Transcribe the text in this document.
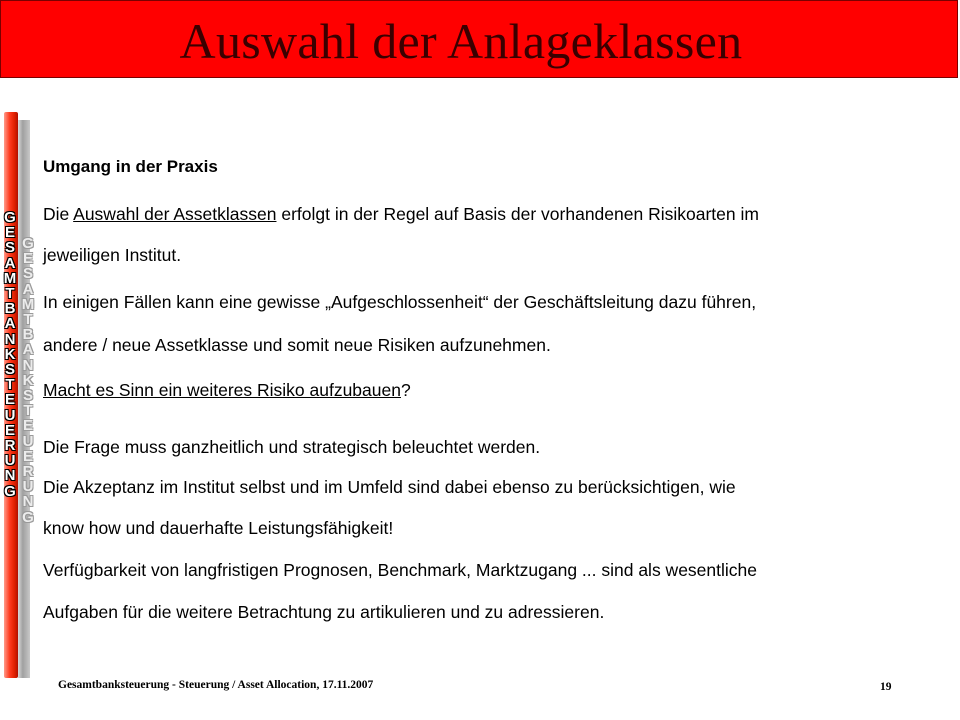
Auswahl der Anlageklassen
G
E
S
A
M
T
B
A
N
K
S
T
E
U
E
R
U
N
G
G
E
S
A
M
T
B
A
N
K
S
T
E
U
E
R
U
N
G
Umgang in der Praxis
Die Auswahl der Assetklassen erfolgt in der Regel auf Basis der vorhandenen Risikoarten im
jeweiligen Institut.
In einigen Fällen kann eine gewisse „Aufgeschlossenheit“ der Geschäftsleitung dazu führen,
andere / neue Assetklasse und somit neue Risiken aufzunehmen.
Macht es Sinn ein weiteres Risiko aufzubauen?
Die Frage muss ganzheitlich und strategisch beleuchtet werden.
Die Akzeptanz im Institut selbst und im Umfeld sind dabei ebenso zu berücksichtigen, wie
know how und dauerhafte Leistungsfähigkeit!
Verfügbarkeit von langfristigen Prognosen, Benchmark, Marktzugang ... sind als wesentliche
Aufgaben für die weitere Betrachtung zu artikulieren und zu adressieren.
Gesamtbanksteuerung - Steuerung / Asset Allocation, 17.11.2007	19
